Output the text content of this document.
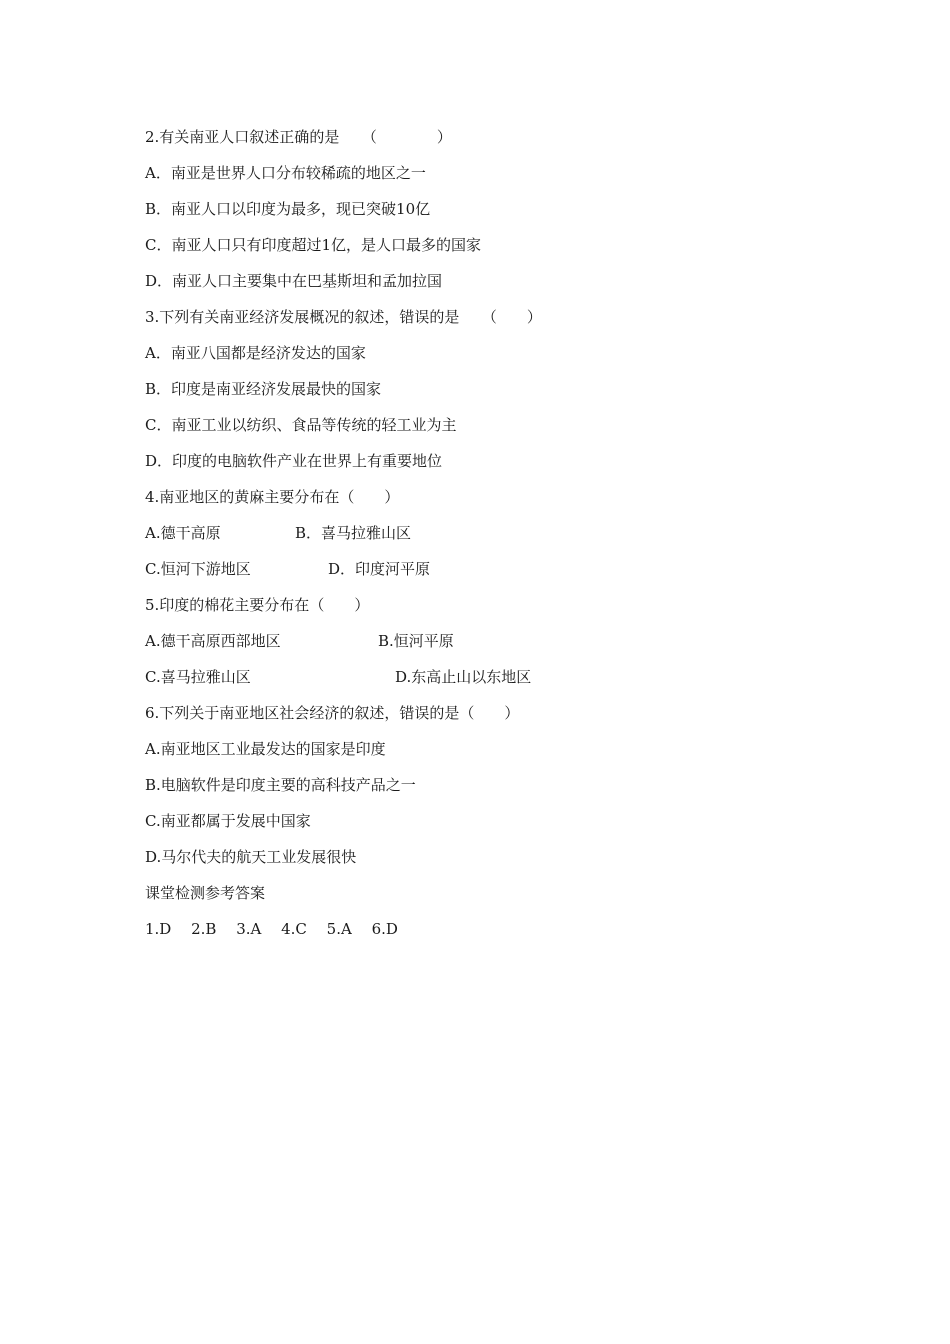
2.有关南亚人口叙述正确的是　　（　　　　）
A．南亚是世界人口分布较稀疏的地区之一
B．南亚人口以印度为最多，现已突破10亿
C．南亚人口只有印度超过1亿，是人口最多的国家
D．南亚人口主要集中在巴基斯坦和孟加拉国
3.下列有关南亚经济发展概况的叙述，错误的是　　（　　）
A．南亚八国都是经济发达的国家
B．印度是南亚经济发展最快的国家
C．南亚工业以纺织、食品等传统的轻工业为主
D．印度的电脑软件产业在世界上有重要地位
4.南亚地区的黄麻主要分布在（　　）

A.德干高原

	B．喜马拉雅山区

C.恒河下游地区

	D．印度河平原

5.印度的棉花主要分布在（　　）

A.德干高原西部地区

	B.恒河平原

C.喜马拉雅山区

	D.东高止山以东地区

6.下列关于南亚地区社会经济的叙述，错误的是（　　）
A.南亚地区工业最发达的国家是印度
B.电脑软件是印度主要的高科技产品之一
C.南亚都属于发展中国家
D.马尔代夫的航天工业发展很快
课堂检测参考答案
1.D　 2.B　 3.A　 4.C　 5.A　 6.D
